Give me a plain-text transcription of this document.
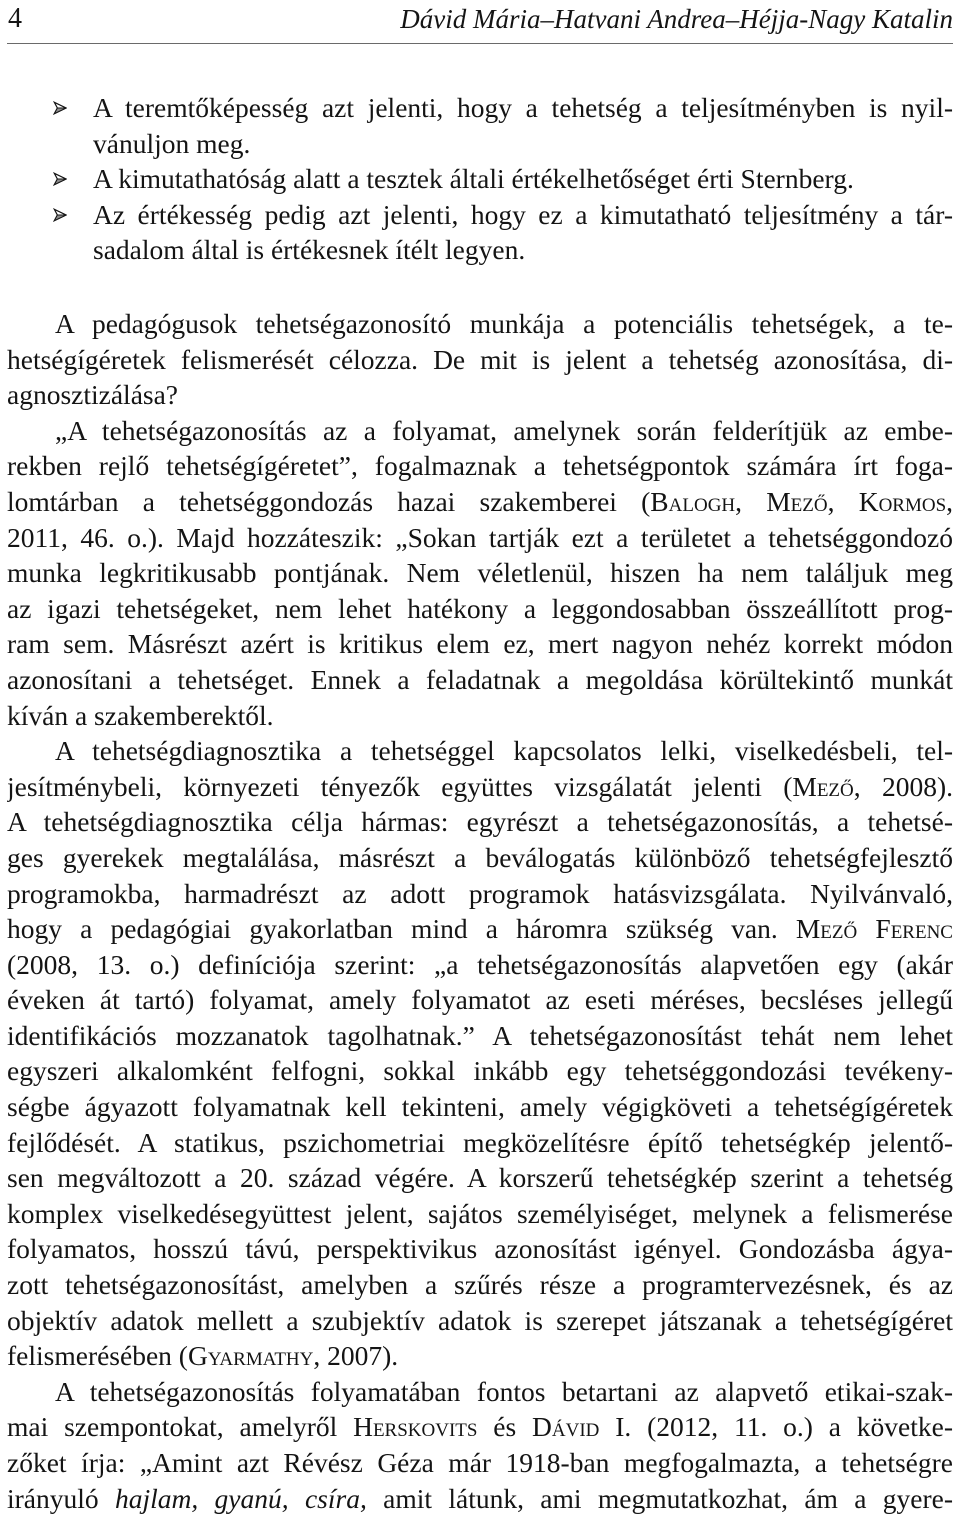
4	Dávid Mária–Hatvani Andrea–Héjja-Nagy Katalin
A teremtőképesség azt jelenti, hogy a tehetség a teljesítményben is nyil-
vánuljon meg.
A kimutathatóság alatt a tesztek általi értékelhetőséget érti Sternberg.
Az értékesség pedig azt jelenti, hogy ez a kimutatható teljesítmény a tár-
sadalom által is értékesnek ítélt legyen.
A pedagógusok tehetségazonosító munkája a potenciális tehetségek, a te-
hetségígéretek felismerését célozza. De mit is jelent a tehetség azonosítása, di-
agnosztizálása?
„A tehetségazonosítás az a folyamat, amelynek során felderítjük az embe-
rekben rejlő tehetségígéretet”, fogalmaznak a tehetségpontok számára írt foga-
lomtárban a tehetséggondozás hazai szakemberei (Balogh, Mező, Kormos,
2011, 46. o.). Majd hozzáteszik: „Sokan tartják ezt a területet a tehetséggondozó
munka legkritikusabb pontjának. Nem véletlenül, hiszen ha nem találjuk meg
az igazi tehetségeket, nem lehet hatékony a leggondosabban összeállított prog-
ram sem. Másrészt azért is kritikus elem ez, mert nagyon nehéz korrekt módon
azonosítani a tehetséget. Ennek a feladatnak a megoldása körültekintő munkát
kíván a szakemberektől.
A tehetségdiagnosztika a tehetséggel kapcsolatos lelki, viselkedésbeli, tel-
jesítménybeli, környezeti tényezők együttes vizsgálatát jelenti (Mező, 2008).
A tehetségdiagnosztika célja hármas: egyrészt a tehetségazonosítás, a tehetsé-
ges gyerekek megtalálása, másrészt a beválogatás különböző tehetségfejlesztő
programokba, harmadrészt az adott programok hatásvizsgálata. Nyilvánvaló,
hogy a pedagógiai gyakorlatban mind a háromra szükség van. Mező Ferenc
(2008, 13. o.) definíciója szerint: „a tehetségazonosítás alapvetően egy (akár
éveken át tartó) folyamat, amely folyamatot az eseti méréses, becsléses jellegű
identifikációs mozzanatok tagolhatnak.” A tehetségazonosítást tehát nem lehet
egyszeri alkalomként felfogni, sokkal inkább egy tehetséggondozási tevékeny-
ségbe ágyazott folyamatnak kell tekinteni, amely végigköveti a tehetségígéretek
fejlődését. A statikus, pszichometriai megközelítésre építő tehetségkép jelentő-
sen megváltozott a 20. század végére. A korszerű tehetségkép szerint a tehetség
komplex viselkedésegyüttest jelent, sajátos személyiséget, melynek a felismerése
folyamatos, hosszú távú, perspektivikus azonosítást igényel. Gondozásba ágya-
zott tehetségazonosítást, amelyben a szűrés része a programtervezésnek, és az
objektív adatok mellett a szubjektív adatok is szerepet játszanak a tehetségígéret
felismerésében (Gyarmathy, 2007).
A tehetségazonosítás folyamatában fontos betartani az alapvető etikai-szak-
mai szempontokat, amelyről Herskovits és Dávid I. (2012, 11. o.) a követke-
zőket írja: „Amint azt Révész Géza már 1918-ban megfogalmazta, a tehetségre
irányuló hajlam, gyanú, csíra, amit látunk, ami megmutatkozhat, ám a gyere-
